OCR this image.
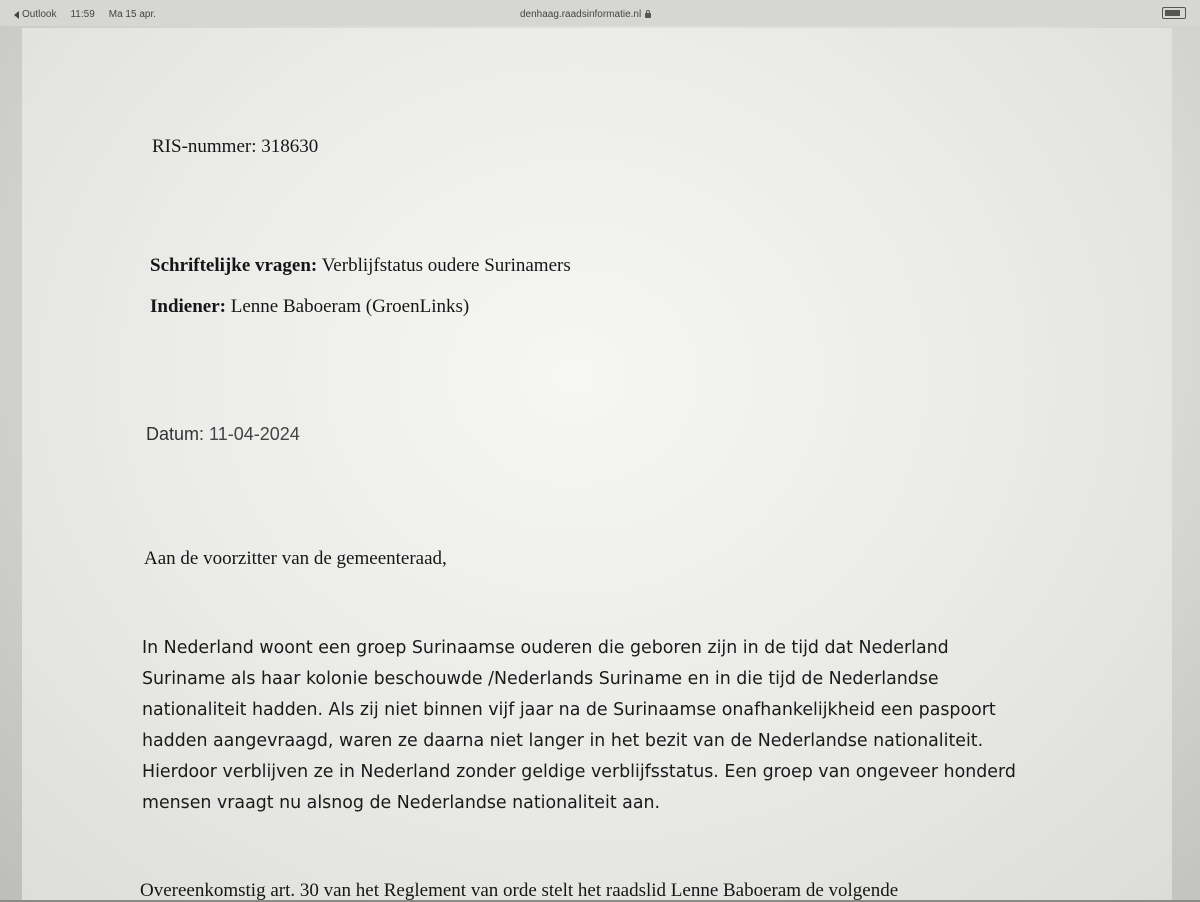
Outlook 11:59 Ma 15 apr.	denhaag.raadsinformatie.nl
RIS-nummer: 318630
Schriftelijke vragen: Verblijfstatus oudere Surinamers
Indiener: Lenne Baboeram (GroenLinks)
Datum: 11-04-2024
Aan de voorzitter van de gemeenteraad,
In Nederland woont een groep Surinaamse ouderen die geboren zijn in de tijd dat Nederland
Suriname als haar kolonie beschouwde /Nederlands Suriname en in die tijd de Nederlandse
nationaliteit hadden. Als zij niet binnen vijf jaar na de Surinaamse onafhankelijkheid een paspoort
hadden aangevraagd, waren ze daarna niet langer in het bezit van de Nederlandse nationaliteit.
Hierdoor verblijven ze in Nederland zonder geldige verblijfsstatus. Een groep van ongeveer honderd
mensen vraagt nu alsnog de Nederlandse nationaliteit aan.
Overeenkomstig art. 30 van het Reglement van orde stelt het raadslid Lenne Baboeram de volgende
